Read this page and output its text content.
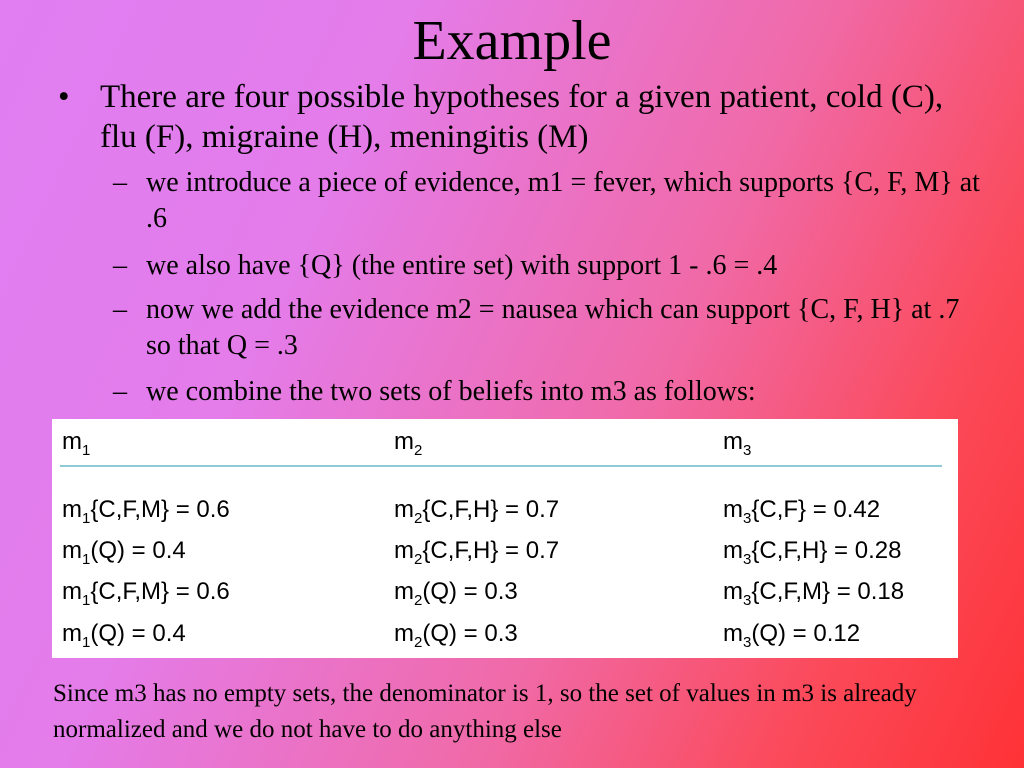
Example
• There are four possible hypotheses for a given patient, cold (C), flu (F), migraine (H), meningitis (M)
– we introduce a piece of evidence, m1 = fever, which supports {C, F, M} at .6
– we also have {Q} (the entire set) with support 1 - .6 = .4
– now we add the evidence m2 = nausea which can support {C, F, H} at .7 so that Q = .3
– we combine the two sets of beliefs into m3 as follows:
$m_1$	$m_2$	$m_3$
$m_1\{C,F,M\} = 0.6$	$m_2\{C,F,H\} = 0.7$	$m_3\{C,F\} = 0.42$
$m_1(Q) = 0.4$	$m_2\{C,F,H\} = 0.7$	$m_3\{C,F,H\} = 0.28$
$m_1\{C,F,M\} = 0.6$	$m_2(Q) = 0.3$	$m_3\{C,F,M\} = 0.18$
$m_1(Q) = 0.4$	$m_2(Q) = 0.3$	$m_3(Q) = 0.12$
Since m3 has no empty sets, the denominator is 1, so the set of values in m3 is already normalized and we do not have to do anything else
